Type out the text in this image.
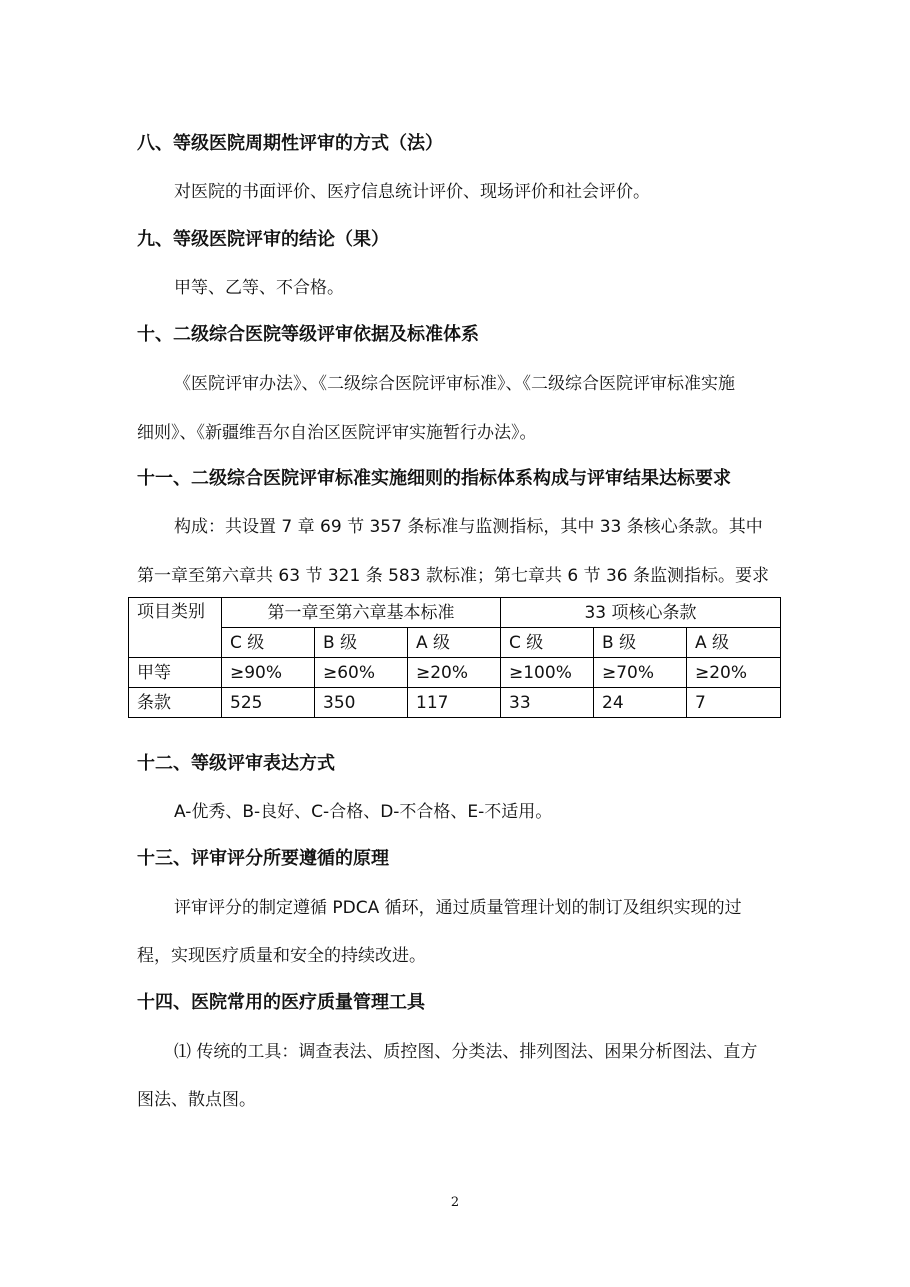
八、等级医院周期性评审的方式（法）
对医院的书面评价、医疗信息统计评价、现场评价和社会评价。
九、等级医院评审的结论（果）
甲等、乙等、不合格。
十、二级综合医院等级评审依据及标准体系
《医院评审办法》、《二级综合医院评审标准》、《二级综合医院评审标准实施
细则》、《新疆维吾尔自治区医院评审实施暂行办法》。
十一、二级综合医院评审标准实施细则的指标体系构成与评审结果达标要求
构成：共设置 7 章 69 节 357 条标准与监测指标，其中 33 条核心条款。其中
第一章至第六章共 63 节 321 条 583 款标准；第七章共 6 节 36 条监测指标。要求
项目类别	第一章至第六章基本标准			33 项核心条款		
	C 级	B 级	A 级	C 级	B 级	A 级
甲等	≥90%	≥60%	≥20%	≥100%	≥70%	≥20%
条款	525	350	117	33	24	7
十二、等级评审表达方式
A-优秀、B-良好、C-合格、D-不合格、E-不适用。
十三、评审评分所要遵循的原理
评审评分的制定遵循 PDCA 循环，通过质量管理计划的制订及组织实现的过
程，实现医疗质量和安全的持续改进。
十四、医院常用的医疗质量管理工具
⑴ 传统的工具：调查表法、质控图、分类法、排列图法、困果分析图法、直方
图法、散点图。
2
